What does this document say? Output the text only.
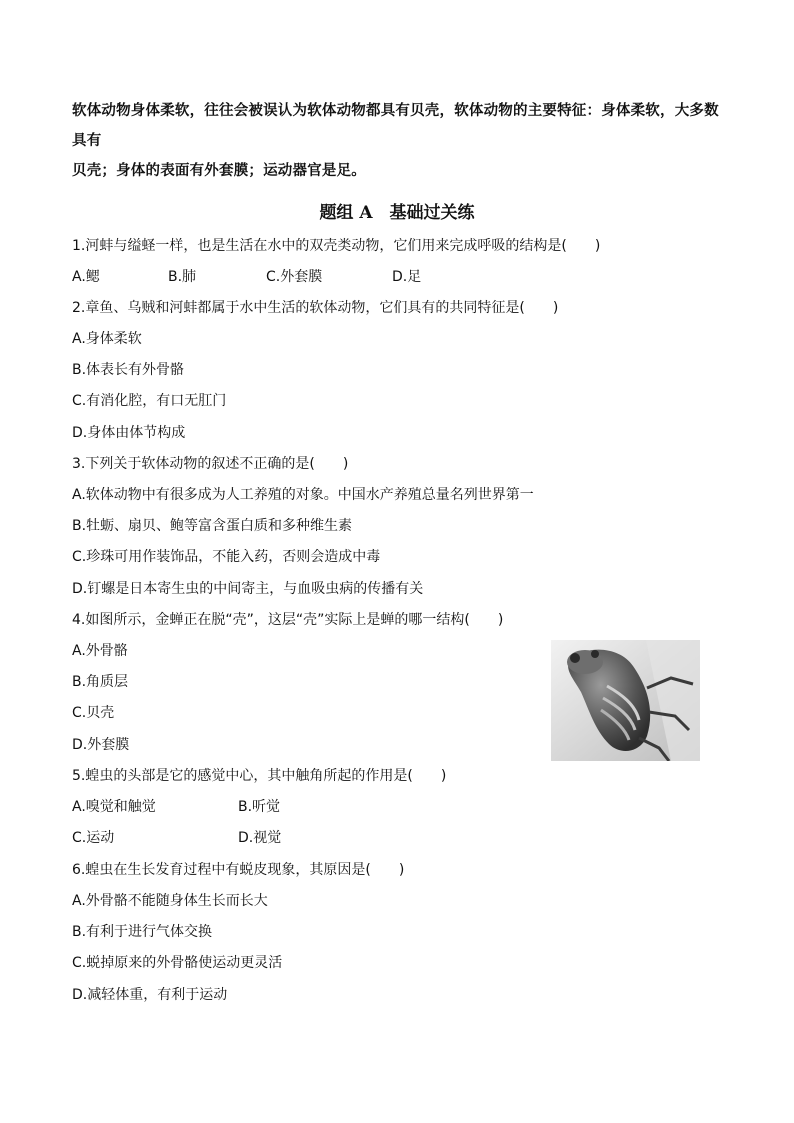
软体动物身体柔软，往往会被误认为软体动物都具有贝壳，软体动物的主要特征：身体柔软，大多数具有
贝壳；身体的表面有外套膜；运动器官是足。
题组 A　基础过关练
1.河蚌与缢蛏一样，也是生活在水中的双壳类动物，它们用来完成呼吸的结构是(　　)
A.鳃	B.肺	C.外套膜	D.足
2.章鱼、乌贼和河蚌都属于水中生活的软体动物，它们具有的共同特征是(　　)
A.身体柔软
B.体表长有外骨骼
C.有消化腔，有口无肛门
D.身体由体节构成
3.下列关于软体动物的叙述不正确的是(　　)
A.软体动物中有很多成为人工养殖的对象。中国水产养殖总量名列世界第一
B.牡蛎、扇贝、鲍等富含蛋白质和多种维生素
C.珍珠可用作装饰品，不能入药，否则会造成中毒
D.钉螺是日本寄生虫的中间寄主，与血吸虫病的传播有关
4.如图所示，金蝉正在脱“壳”，这层“壳”实际上是蝉的哪一结构(　　)
A.外骨骼
B.角质层
C.贝壳
D.外套膜
5.蝗虫的头部是它的感觉中心，其中触角所起的作用是(　　)
A.嗅觉和触觉	B.听觉
C.运动	D.视觉
6.蝗虫在生长发育过程中有蜕皮现象，其原因是(　　)
A.外骨骼不能随身体生长而长大
B.有利于进行气体交换
C.蜕掉原来的外骨骼使运动更灵活
D.减轻体重，有利于运动
